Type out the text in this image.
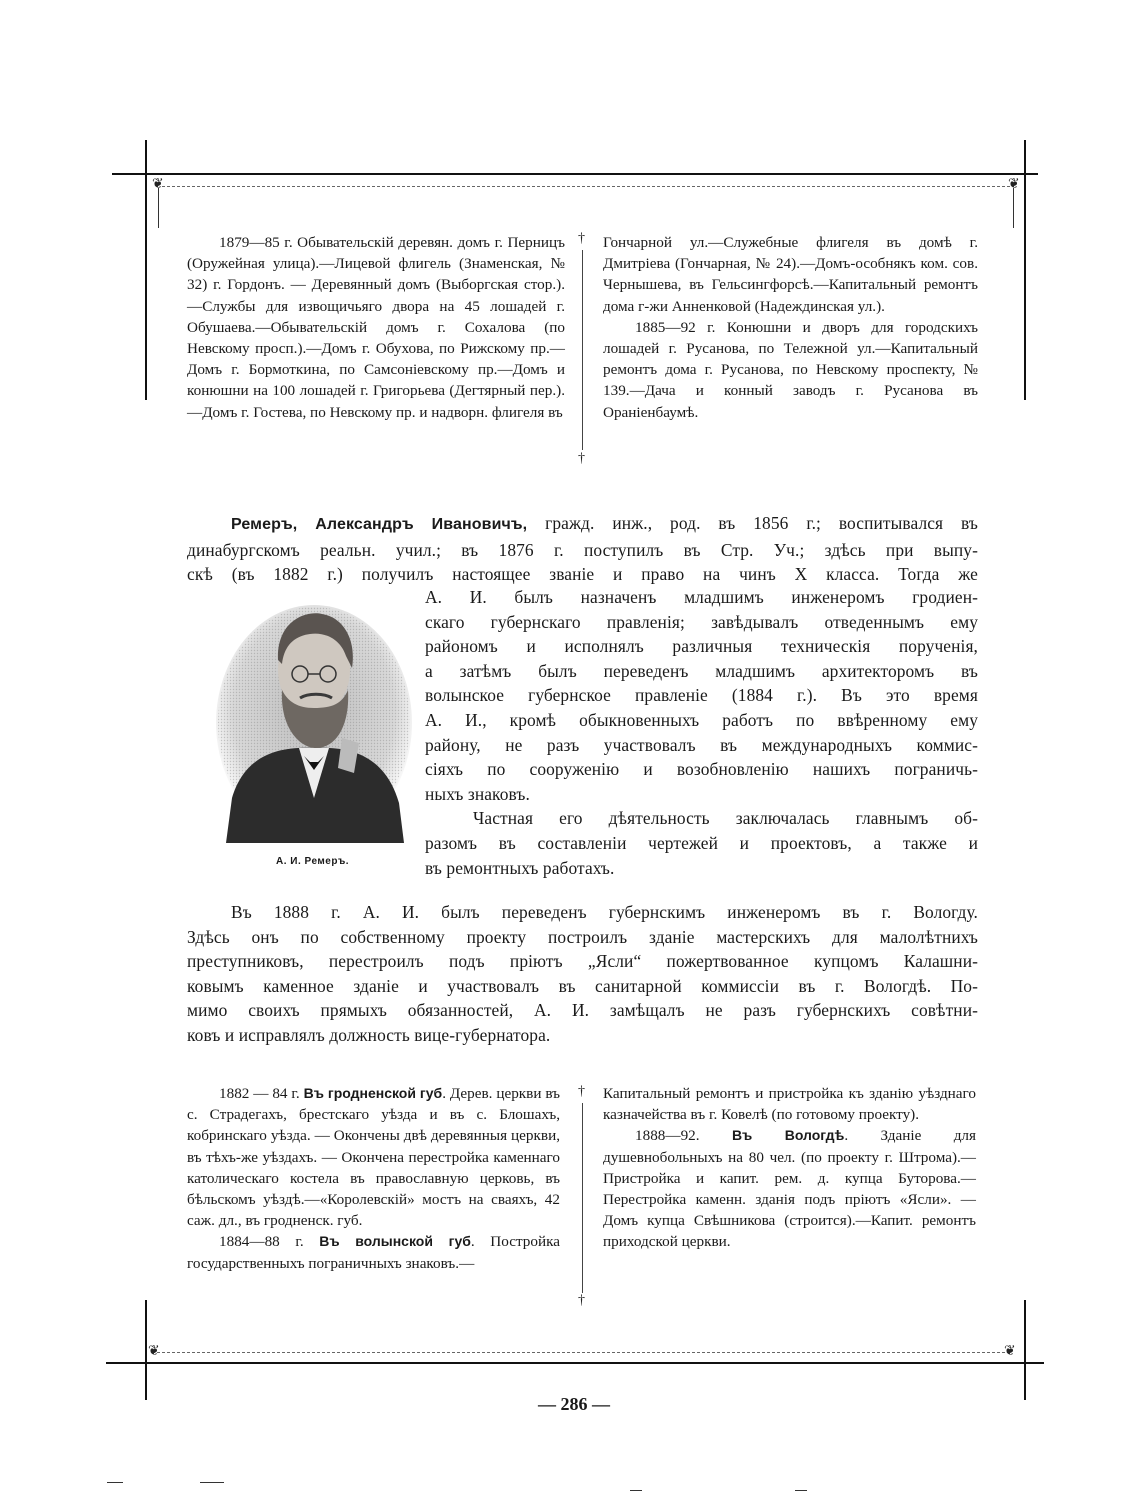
❦	❦
❦	❦

1879—85 г. Обывательскій деревян. домъ г. Перницъ (Оружейная улица).—Лицевой флигель (Знаменская, № 32) г. Гордонъ. — Деревянный домъ (Выборгская стор.).—Службы для извощичьяго двора на 45 лошадей г. Обушаева.—Обывательскій домъ г. Сохалова (по Невскому просп.).—Домъ г. Обухова, по Рижскому пр.—Домъ г. Бормоткина, по Самсоніевскому пр.—Домъ и конюшни на 100 лошадей г. Григорьева (Дегтярный пер.).—Домъ г. Гостева, по Невскому пр. и надворн. флигеля въ

†
†

Гончарной ул.—Служебные флигеля въ домѣ г. Дмитріева (Гончарная, № 24).—Домъ-особнякъ ком. сов. Чернышева, въ Гельсингфорсѣ.—Капитальный ремонтъ дома г-жи Анненковой (Надеждинская ул.).

1885—92 г. Конюшни и дворъ для городскихъ лошадей г. Русанова, по Тележной ул.—Капитальный ремонтъ дома г. Русанова, по Невскому проспекту, № 139.—Дача и конный заводъ г. Русанова въ Ораніенбаумѣ.

Ремеръ, Александръ Ивановичъ, гражд. инж., род. въ 1856 г.; воспитывался въ
динабургскомъ реальн. учил.; въ 1876 г. поступилъ въ Стр. Уч.; здѣсь при выпу-
скѣ (въ 1882 г.) получилъ настоящее званіе и право на чинъ X класса. Тогда же
А. И. Ремеръ.
А. И. былъ назначенъ младшимъ инженеромъ гродиен-
скаго губернскаго правленія; завѣдывалъ отведеннымъ ему
райономъ и исполнялъ различныя техническія порученія,
а затѣмъ былъ переведенъ младшимъ архитекторомъ въ
волынское губернское правленіе (1884 г.). Въ это время
А. И., кромѣ обыкновенныхъ работъ по ввѣренному ему
району, не разъ участвовалъ въ международныхъ коммис-
сіяхъ по сооруженію и возобновленію нашихъ пограничь-
ныхъ знаковъ.
Частная его дѣятельность заключалась главнымъ об-
разомъ въ составленіи чертежей и проектовъ, а также и
въ ремонтныхъ работахъ.
Въ 1888 г. А. И. былъ переведенъ губернскимъ инженеромъ въ г. Вологду.
Здѣсь онъ по собственному проекту построилъ зданіе мастерскихъ для малолѣтнихъ
преступниковъ, перестроилъ подъ пріютъ „Ясли“ пожертвованное купцомъ Калашни-
ковымъ каменное зданіе и участвовалъ въ санитарной коммиссіи въ г. Вологдѣ. По-
мимо своихъ прямыхъ обязанностей, А. И. замѣщалъ не разъ губернскихъ совѣтни-
ковъ и исправлялъ должность вице-губернатора.

1882 — 84 г. Въ гродненской губ. Дерев. церкви въ с. Страдегахъ, брестскаго уѣзда и въ с. Блошахъ, кобринскаго уѣзда. — Окончены двѣ деревянныя церкви, въ тѣхъ-же уѣздахъ. — Окончена перестройка каменнаго католическаго костела въ православную церковь, въ бѣльскомъ уѣздѣ.—«Королевскій» мостъ на сваяхъ, 42 саж. дл., въ гродненск. губ.

1884—88 г. Въ волынской губ. Постройка государственныхъ пограничныхъ знаковъ.—

†
†

Капитальный ремонтъ и пристройка къ зданію уѣзднаго казначейства въ г. Ковелѣ (по готовому проекту).

1888—92. Въ Вологдѣ. Зданіе для душевнобольныхъ на 80 чел. (по проекту г. Штрома).—Пристройка и капит. рем. д. купца Буторова.—Перестройка каменн. зданія подъ пріютъ «Ясли». — Домъ купца Свѣшникова (строится).—Капит. ремонтъ приходской церкви.

— 286 —
